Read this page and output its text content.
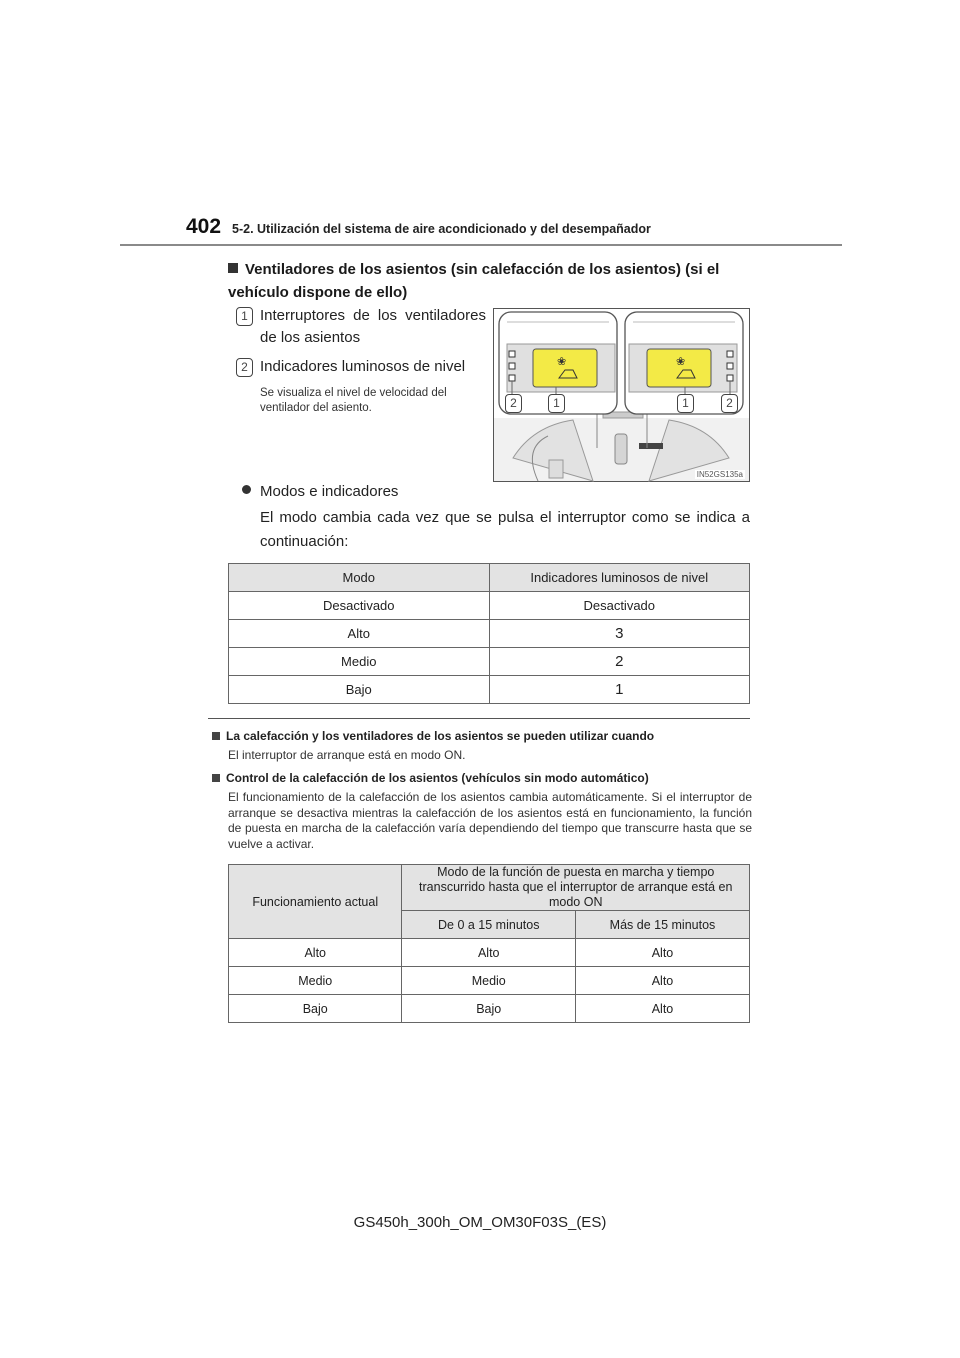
402 5-2. Utilización del sistema de aire acondicionado y del desempañador
Ventiladores de los asientos (sin calefacción de los asientos) (si el vehículo dispone de ello)
1 Interruptores de los ventiladores de los asientos
2 Indicadores luminosos de nivel
Se visualiza el nivel de velocidad del ventilador del asiento.
❀	❀
2	1	1	2
IN52GS135a
Modos e indicadores
El modo cambia cada vez que se pulsa el interruptor como se indica a continuación:
Modo	Indicadores luminosos de nivel
Desactivado	Desactivado
Alto	3
Medio	2
Bajo	1
La calefacción y los ventiladores de los asientos se pueden utilizar cuando
El interruptor de arranque está en modo ON.
Control de la calefacción de los asientos (vehículos sin modo automático)
El funcionamiento de la calefacción de los asientos cambia automáticamente. Si el interruptor de arranque se desactiva mientras la calefacción de los asientos está en funcionamiento, la función de puesta en marcha de la calefacción varía dependiendo del tiempo que transcurre hasta que se vuelve a activar.
Funcionamiento actual	Modo de la función de puesta en marcha y tiempo transcurrido hasta que el interruptor de arranque está en modo ON	
	De 0 a 15 minutos	Más de 15 minutos
Alto	Alto	Alto
Medio	Medio	Alto
Bajo	Bajo	Alto
GS450h_300h_OM_OM30F03S_(ES)
